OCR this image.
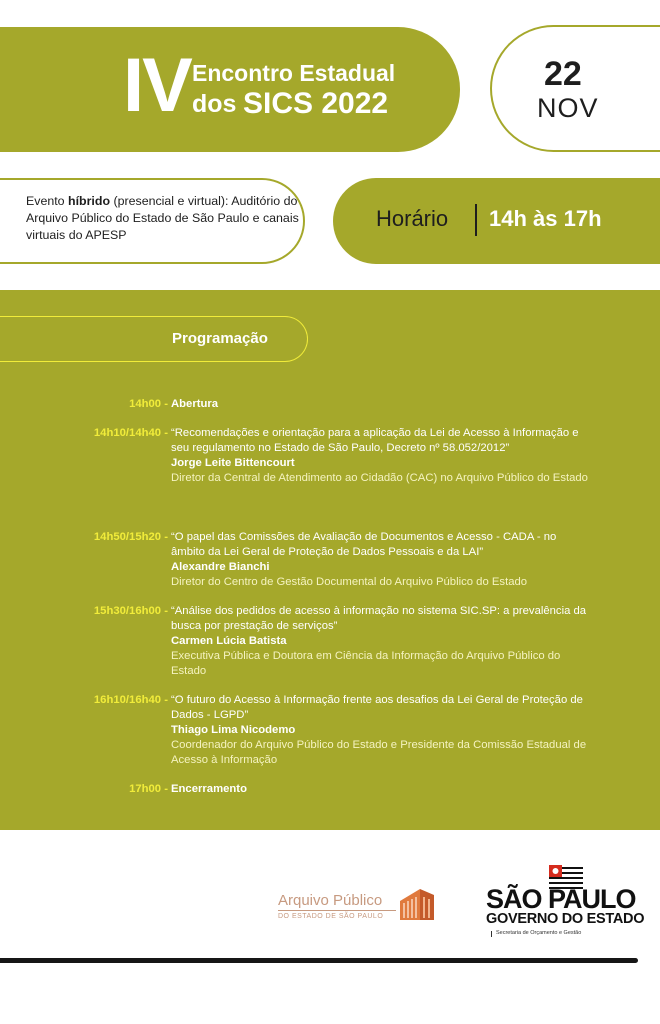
IV Encontro Estadual
dos SICS 2022
22
NOV
Evento híbrido (presencial e virtual): Auditório do Arquivo Público do Estado de São Paulo e canais virtuais do APESP
Horário 14h às 17h
Programação
14h00 - Abertura
14h10/14h40 - “Recomendações e orientação para a aplicação da Lei de Acesso à Informação e seu regulamento no Estado de São Paulo, Decreto nº 58.052/2012”
Jorge Leite Bittencourt
Diretor da Central de Atendimento ao Cidadão (CAC) no Arquivo Público do Estado
14h50/15h20 - “O papel das Comissões de Avaliação de Documentos e Acesso - CADA - no âmbito da Lei Geral de Proteção de Dados Pessoais e da LAI”
Alexandre Bianchi
Diretor do Centro de Gestão Documental do Arquivo Público do Estado
15h30/16h00 - “Análise dos pedidos de acesso à informação no sistema SIC.SP: a prevalência da busca por prestação de serviços”
Carmen Lúcia Batista
Executiva Pública e Doutora em Ciência da Informação do Arquivo Público do Estado
16h10/16h40 - “O futuro do Acesso à Informação frente aos desafios da Lei Geral de Proteção de Dados - LGPD”
Thiago Lima Nicodemo
Coordenador do Arquivo Público do Estado e Presidente da Comissão Estadual de Acesso à Informação
17h00 - Encerramento
Arquivo Público
DO ESTADO DE SÃO PAULO
SÃO PAULO
GOVERNO DO ESTADO
Secretaria de Orçamento e Gestão
